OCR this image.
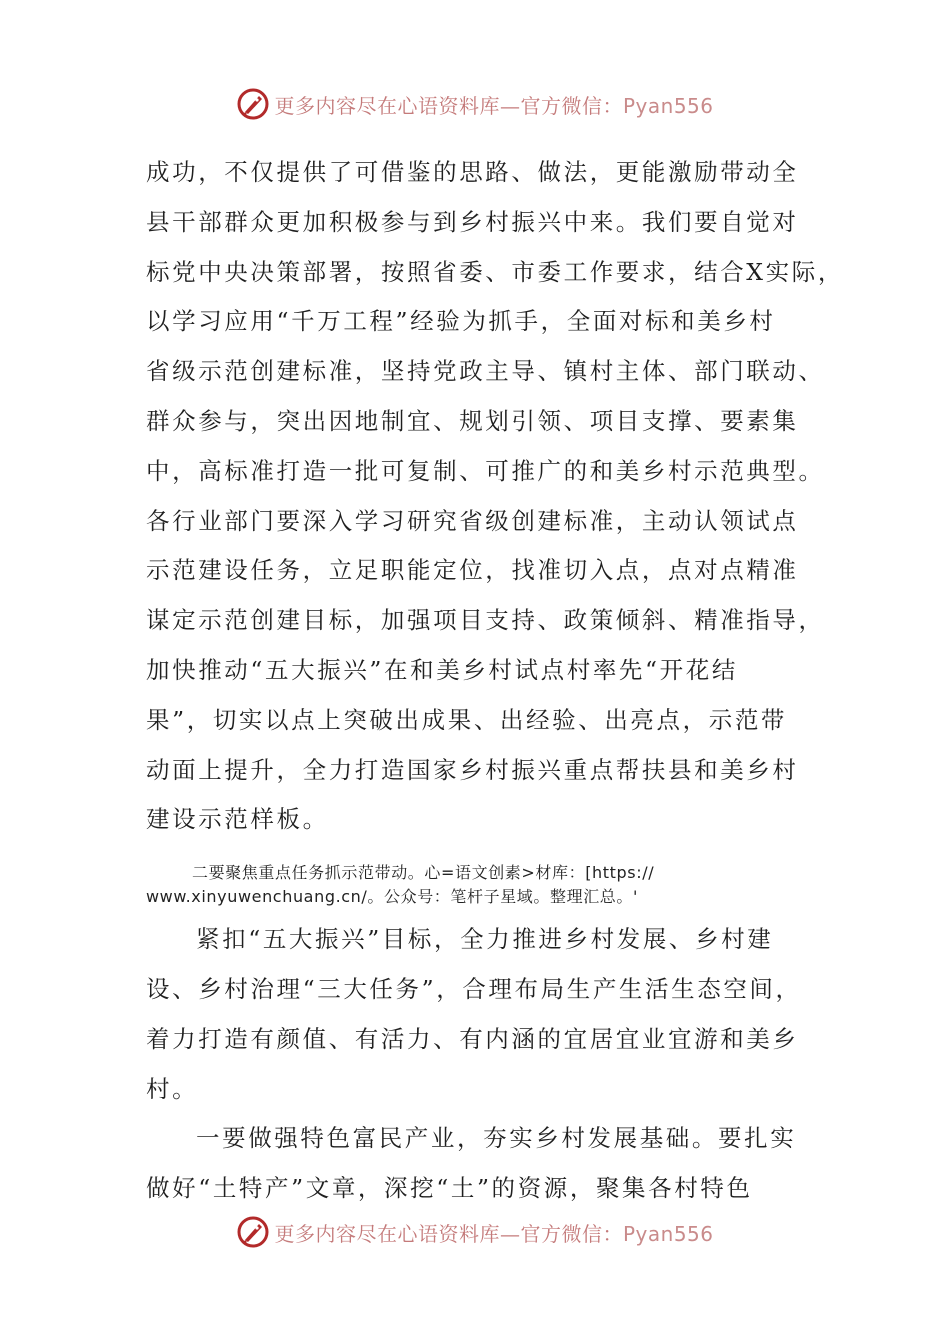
更多内容尽在心语资料库—官方微信：Pyan556
成功，不仅提供了可借鉴的思路、做法，更能激励带动全
县干部群众更加积极参与到乡村振兴中来。我们要自觉对
标党中央决策部署，按照省委、市委工作要求，结合X实际，
以学习应用“千万工程”经验为抓手，全面对标和美乡村
省级示范创建标准，坚持党政主导、镇村主体、部门联动、
群众参与，突出因地制宜、规划引领、项目支撑、要素集
中，高标准打造一批可复制、可推广的和美乡村示范典型。
各行业部门要深入学习研究省级创建标准，主动认领试点
示范建设任务，立足职能定位，找准切入点，点对点精准
谋定示范创建目标，加强项目支持、政策倾斜、精准指导，
加快推动“五大振兴”在和美乡村试点村率先“开花结
果”，切实以点上突破出成果、出经验、出亮点，示范带
动面上提升，全力打造国家乡村振兴重点帮扶县和美乡村
建设示范样板。
二要聚焦重点任务抓示范带动。心=语文创素>材库：[https://
www.xinyuwenchuang.cn/。公众号：笔杆子星域。整理汇总。'
紧扣“五大振兴”目标，全力推进乡村发展、乡村建
设、乡村治理“三大任务”，合理布局生产生活生态空间，
着力打造有颜值、有活力、有内涵的宜居宜业宜游和美乡
村。
一要做强特色富民产业，夯实乡村发展基础。要扎实
做好“土特产”文章，深挖“土”的资源，聚集各村特色
更多内容尽在心语资料库—官方微信：Pyan556
